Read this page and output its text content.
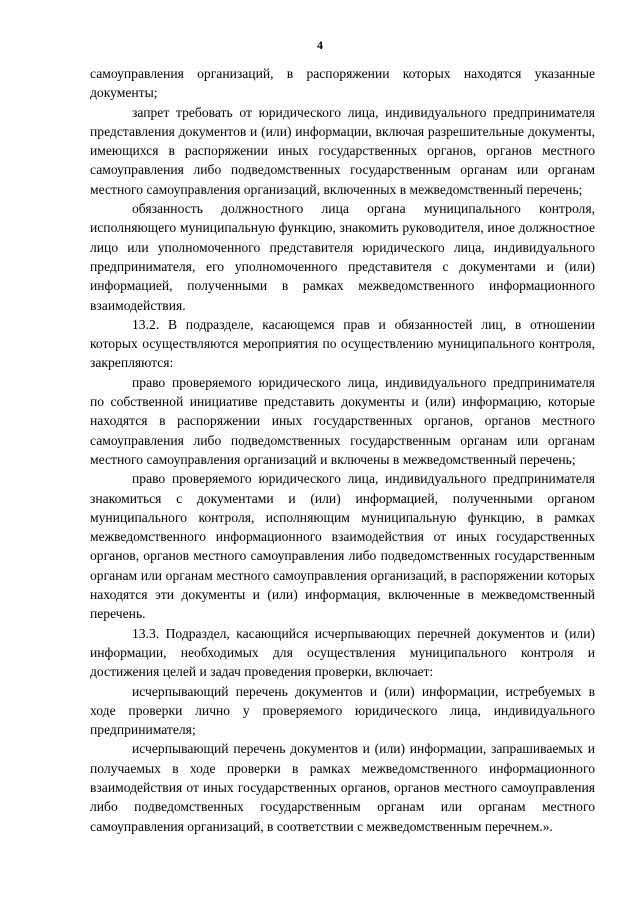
4

самоуправления организаций, в распоряжении которых находятся указанные документы;

запрет требовать от юридического лица, индивидуального предпринимателя представления документов и (или) информации, включая разрешительные документы, имеющихся в распоряжении иных государственных органов, органов местного самоуправления либо подведомственных государственным органам или органам местного самоуправления организаций, включенных в межведомственный перечень;

обязанность должностного лица органа муниципального контроля, исполняющего муниципальную функцию, знакомить руководителя, иное должностное лицо или уполномоченного представителя юридического лица, индивидуального предпринимателя, его уполномоченного представителя с документами и (или) информацией, полученными в рамках межведомственного информационного взаимодействия.

13.2. В подразделе, касающемся прав и обязанностей лиц, в отношении которых осуществляются мероприятия по осуществлению муниципального контроля, закрепляются:

право проверяемого юридического лица, индивидуального предпринимателя по собственной инициативе представить документы и (или) информацию, которые находятся в распоряжении иных государственных органов, органов местного самоуправления либо подведомственных государственным органам или органам местного самоуправления организаций и включены в межведомственный перечень;

право проверяемого юридического лица, индивидуального предпринимателя знакомиться с документами и (или) информацией, полученными органом муниципального контроля, исполняющим муниципальную функцию, в рамках межведомственного информационного взаимодействия от иных государственных органов, органов местного самоуправления либо подведомственных государственным органам или органам местного самоуправления организаций, в распоряжении которых находятся эти документы и (или) информация, включенные в межведомственный перечень.

13.3. Подраздел, касающийся исчерпывающих перечней документов и (или) информации, необходимых для осуществления муниципального контроля и достижения целей и задач проведения проверки, включает:

исчерпывающий перечень документов и (или) информации, истребуемых в ходе проверки лично у проверяемого юридического лица, индивидуального предпринимателя;

исчерпывающий перечень документов и (или) информации, запрашиваемых и получаемых в ходе проверки в рамках межведомственного информационного взаимодействия от иных государственных органов, органов местного самоуправления либо подведомственных государственным органам или органам местного самоуправления организаций, в соответствии с межведомственным перечнем.».
